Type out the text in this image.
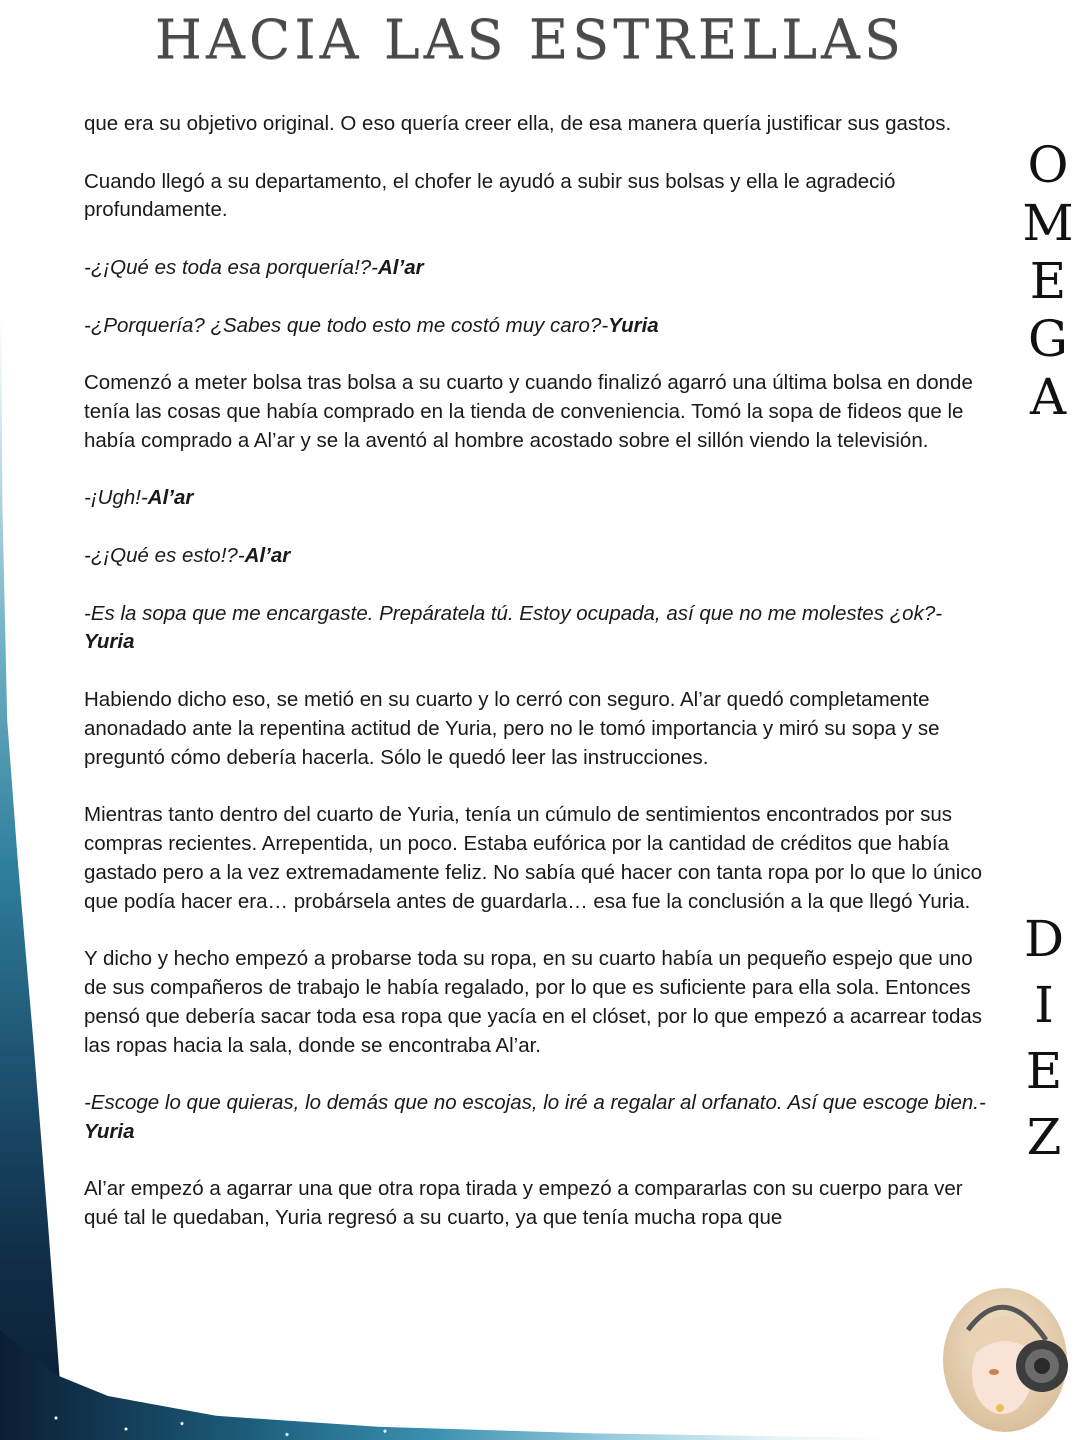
HACIA LAS ESTRELLAS
O
M
E
G
A
D
I
E
Z

que era su objetivo original. O eso quería creer ella, de esa manera quería justificar sus gastos.

Cuando llegó a su departamento, el chofer le ayudó a subir sus bolsas y ella le agradeció profundamente.

-¿¡Qué es toda esa porquería!?-Al’ar

-¿Porquería? ¿Sabes que todo esto me costó muy caro?-Yuria

Comenzó a meter bolsa tras bolsa a su cuarto y cuando finalizó agarró una última bolsa en donde tenía las cosas que había comprado en la tienda de conveniencia. Tomó la sopa de fideos que le había comprado a Al’ar y se la aventó al hombre acostado sobre el sillón viendo la televisión.

-¡Ugh!-Al’ar

-¿¡Qué es esto!?-Al’ar

-Es la sopa que me encargaste. Prepáratela tú. Estoy ocupada, así que no me molestes ¿ok?-
Yuria

Habiendo dicho eso, se metió en su cuarto y lo cerró con seguro. Al’ar quedó completamente anonadado ante la repentina actitud de Yuria, pero no le tomó importancia y miró su sopa y se preguntó cómo debería hacerla. Sólo le quedó leer las instrucciones.

Mientras tanto dentro del cuarto de Yuria, tenía un cúmulo de sentimientos encontrados por sus compras recientes. Arrepentida, un poco. Estaba eufórica por la cantidad de créditos que había gastado pero a la vez extremadamente feliz. No sabía qué hacer con tanta ropa por lo que lo único que podía hacer era… probársela antes de guardarla… esa fue la conclusión a la que llegó Yuria.

Y dicho y hecho empezó a probarse toda su ropa, en su cuarto había un pequeño espejo que uno de sus compañeros de trabajo le había regalado, por lo que es suficiente para ella sola. Entonces pensó que debería sacar toda esa ropa que yacía en el clóset, por lo que empezó a acarrear todas las ropas hacia la sala, donde se encontraba Al’ar.

-Escoge lo que quieras, lo demás que no escojas, lo iré a regalar al orfanato. Así que escoge bien.-Yuria

Al’ar empezó a agarrar una que otra ropa tirada y empezó a compararlas con su cuerpo para ver qué tal le quedaban, Yuria regresó a su cuarto, ya que tenía mucha ropa que
